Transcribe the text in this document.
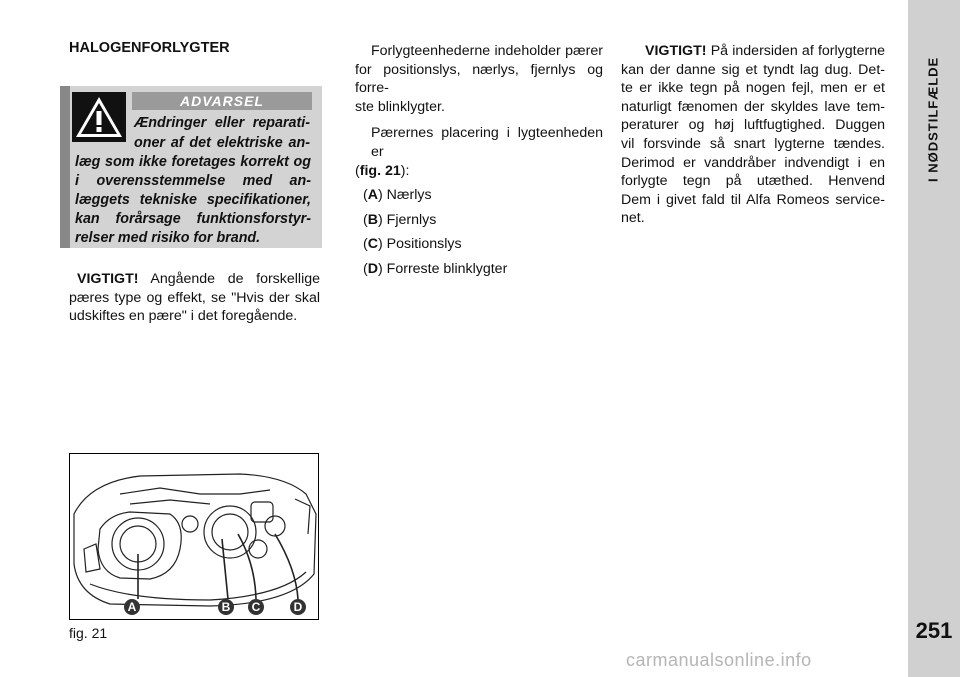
I NØDSTILFÆLDE
251
HALOGENFORLYGTER
ADVARSEL
Ændringer eller reparati-
oner af det elektriske an-
læg som ikke foretages korrekt og
i overensstemmelse med an-
læggets tekniske specifikationer,
kan forårsage funktionsforstyr-
relser med risiko for brand.
VIGTIGT! Angående de forskellige
pæres type og effekt, se "Hvis der skal
udskiftes en pære" i det foregående.
Forlygteenhederne indeholder pærer
for positionslys, nærlys, fjernlys og forre-
ste blinklygter.
Pærernes placering i lygteenheden er
(fig. 21):
(A) Nærlys
(B) Fjernlys
(C) Positionslys
(D) Forreste blinklygter
VIGTIGT! På indersiden af forlygterne
kan der danne sig et tyndt lag dug. Det-
te er ikke tegn på nogen fejl, men er et
naturligt fænomen der skyldes lave tem-
peraturer og høj luftfugtighed. Duggen
vil forsvinde så snart lygterne tændes.
Derimod er vanddråber indvendigt i en
forlygte tegn på utæthed. Henvend
Dem i givet fald til Alfa Romeos service-
net.
A	B C	D
fig. 21
carmanualsonline.info
